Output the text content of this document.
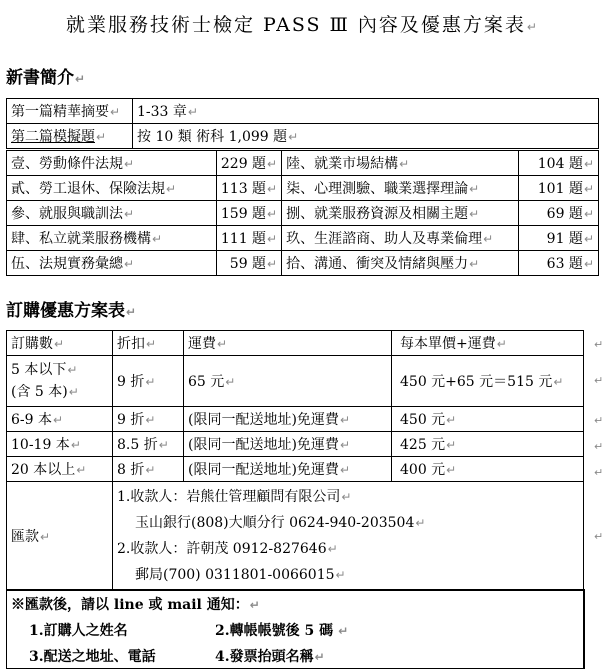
就業服務技術士檢定 PASS Ⅲ 內容及優惠方案表↵
新書簡介↵
第一篇精華摘要↵	1-33 章↵
第二篇模擬題↵	按 10 類 術科 1,099 題↵
壹、勞動條件法規↵	229 題↵	陸、就業市場結構↵	104 題↵
貳、勞工退休、保險法規↵	113 題↵	柒、心理測驗、職業選擇理論↵	101 題↵
參、就服與職訓法↵	159 題↵	捌、就業服務資源及相關主題↵	69 題↵
肆、私立就業服務機構↵	111 題↵	玖、生涯諮商、助人及專業倫理↵	91 題↵
伍、法規實務彙總↵	59 題↵	拾、溝通、衝突及情緒與壓力↵	63 題↵
訂購優惠方案表↵
訂購數↵	折扣↵	運費↵	每本單價+運費↵

5 本以下↵
(含 5 本)↵	9 折↵	65 元↵	450 元+65 元＝515 元↵
6-9 本↵	9 折↵	(限同一配送地址)免運費↵	450 元↵
10-19 本↵	8.5 折↵	(限同一配送地址)免運費↵	425 元↵
20 本以上↵	8 折↵	(限同一配送地址)免運費↵	400 元↵
匯款↵	1.收款人：岩熊仕管理顧問有限公司↵
玉山銀行(808)大順分行 0624-940-203504↵
2.收款人：許朝茂 0912-827646↵
郵局(700) 0311801-0066015↵		
※匯款後，請以 line 或 mail 通知：↵
1.訂購人之姓名	2.轉帳帳號後 5 碼 ↵
3.配送之地址、電話	4.發票抬頭名稱↵
↵
↵
↵
↵
↵
↵
